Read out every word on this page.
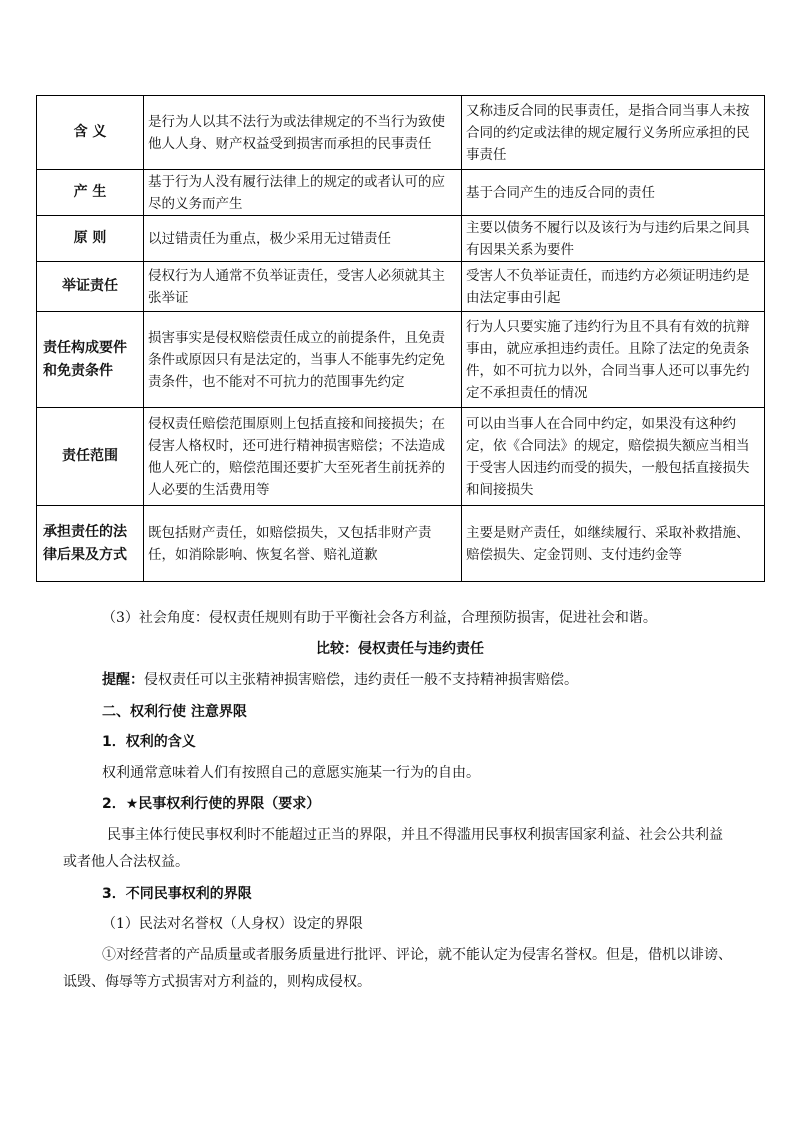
含 义	是行为人以其不法行为或法律规定的不当行为致使他人人身、财产权益受到损害而承担的民事责任	又称违反合同的民事责任，是指合同当事人未按合同的约定或法律的规定履行义务所应承担的民事责任
产 生	基于行为人没有履行法律上的规定的或者认可的应尽的义务而产生	基于合同产生的违反合同的责任
原 则	以过错责任为重点，极少采用无过错责任	主要以债务不履行以及该行为与违约后果之间具有因果关系为要件
举证责任	侵权行为人通常不负举证责任，受害人必须就其主张举证	受害人不负举证责任，而违约方必须证明违约是由法定事由引起
责任构成要件和免责条件	损害事实是侵权赔偿责任成立的前提条件，且免责条件或原因只有是法定的，当事人不能事先约定免责条件，也不能对不可抗力的范围事先约定	行为人只要实施了违约行为且不具有有效的抗辩事由，就应承担违约责任。且除了法定的免责条件，如不可抗力以外，合同当事人还可以事先约定不承担责任的情况
责任范围	侵权责任赔偿范围原则上包括直接和间接损失；在侵害人格权时，还可进行精神损害赔偿；不法造成他人死亡的，赔偿范围还要扩大至死者生前抚养的人必要的生活费用等	可以由当事人在合同中约定，如果没有这种约定，依《合同法》的规定，赔偿损失额应当相当于受害人因违约而受的损失，一般包括直接损失和间接损失
承担责任的法律后果及方式	既包括财产责任，如赔偿损失，又包括非财产责任，如消除影响、恢复名誉、赔礼道歉	主要是财产责任，如继续履行、采取补救措施、赔偿损失、定金罚则、支付违约金等
（3）社会角度：侵权责任规则有助于平衡社会各方利益，合理预防损害，促进社会和谐。
比较：侵权责任与违约责任
提醒：侵权责任可以主张精神损害赔偿，违约责任一般不支持精神损害赔偿。
二、权利行使 注意界限
1．权利的含义
权利通常意味着人们有按照自己的意愿实施某一行为的自由。
2．★民事权利行使的界限（要求）
民事主体行使民事权利时不能超过正当的界限，并且不得滥用民事权利损害国家利益、社会公共利益
或者他人合法权益。
3．不同民事权利的界限
（1）民法对名誉权（人身权）设定的界限
①对经营者的产品质量或者服务质量进行批评、评论，就不能认定为侵害名誉权。但是，借机以诽谤、
诋毁、侮辱等方式损害对方利益的，则构成侵权。
